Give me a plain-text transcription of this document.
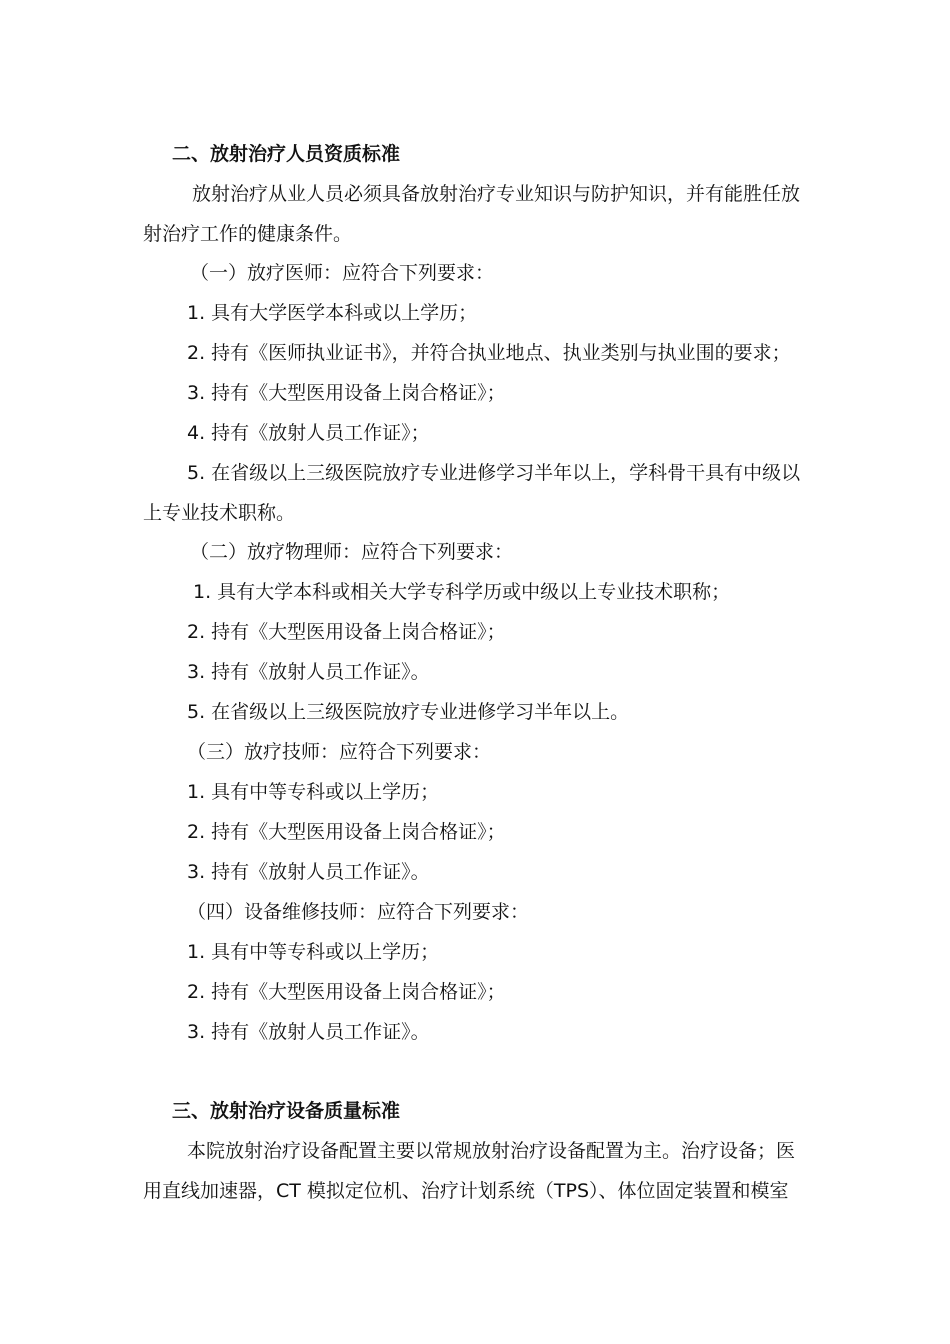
二、放射治疗人员资质标准

放射治疗从业人员必须具备放射治疗专业知识与防护知识，并有能胜任放

射治疗工作的健康条件。

（一）放疗医师：应符合下列要求：

1. 具有大学医学本科或以上学历；

2. 持有《医师执业证书》，并符合执业地点、执业类别与执业围的要求；

3. 持有《大型医用设备上岗合格证》；

4. 持有《放射人员工作证》；

5. 在省级以上三级医院放疗专业进修学习半年以上，学科骨干具有中级以

上专业技术职称。

（二）放疗物理师：应符合下列要求：

1. 具有大学本科或相关大学专科学历或中级以上专业技术职称；

2. 持有《大型医用设备上岗合格证》；

3. 持有《放射人员工作证》。

5. 在省级以上三级医院放疗专业进修学习半年以上。

（三）放疗技师：应符合下列要求：

1. 具有中等专科或以上学历；

2. 持有《大型医用设备上岗合格证》；

3. 持有《放射人员工作证》。

（四）设备维修技师：应符合下列要求：

1. 具有中等专科或以上学历；

2. 持有《大型医用设备上岗合格证》；

3. 持有《放射人员工作证》。

三、放射治疗设备质量标准

本院放射治疗设备配置主要以常规放射治疗设备配置为主。治疗设备；医

用直线加速器，CT 模拟定位机、治疗计划系统（TPS）、体位固定装置和模室
